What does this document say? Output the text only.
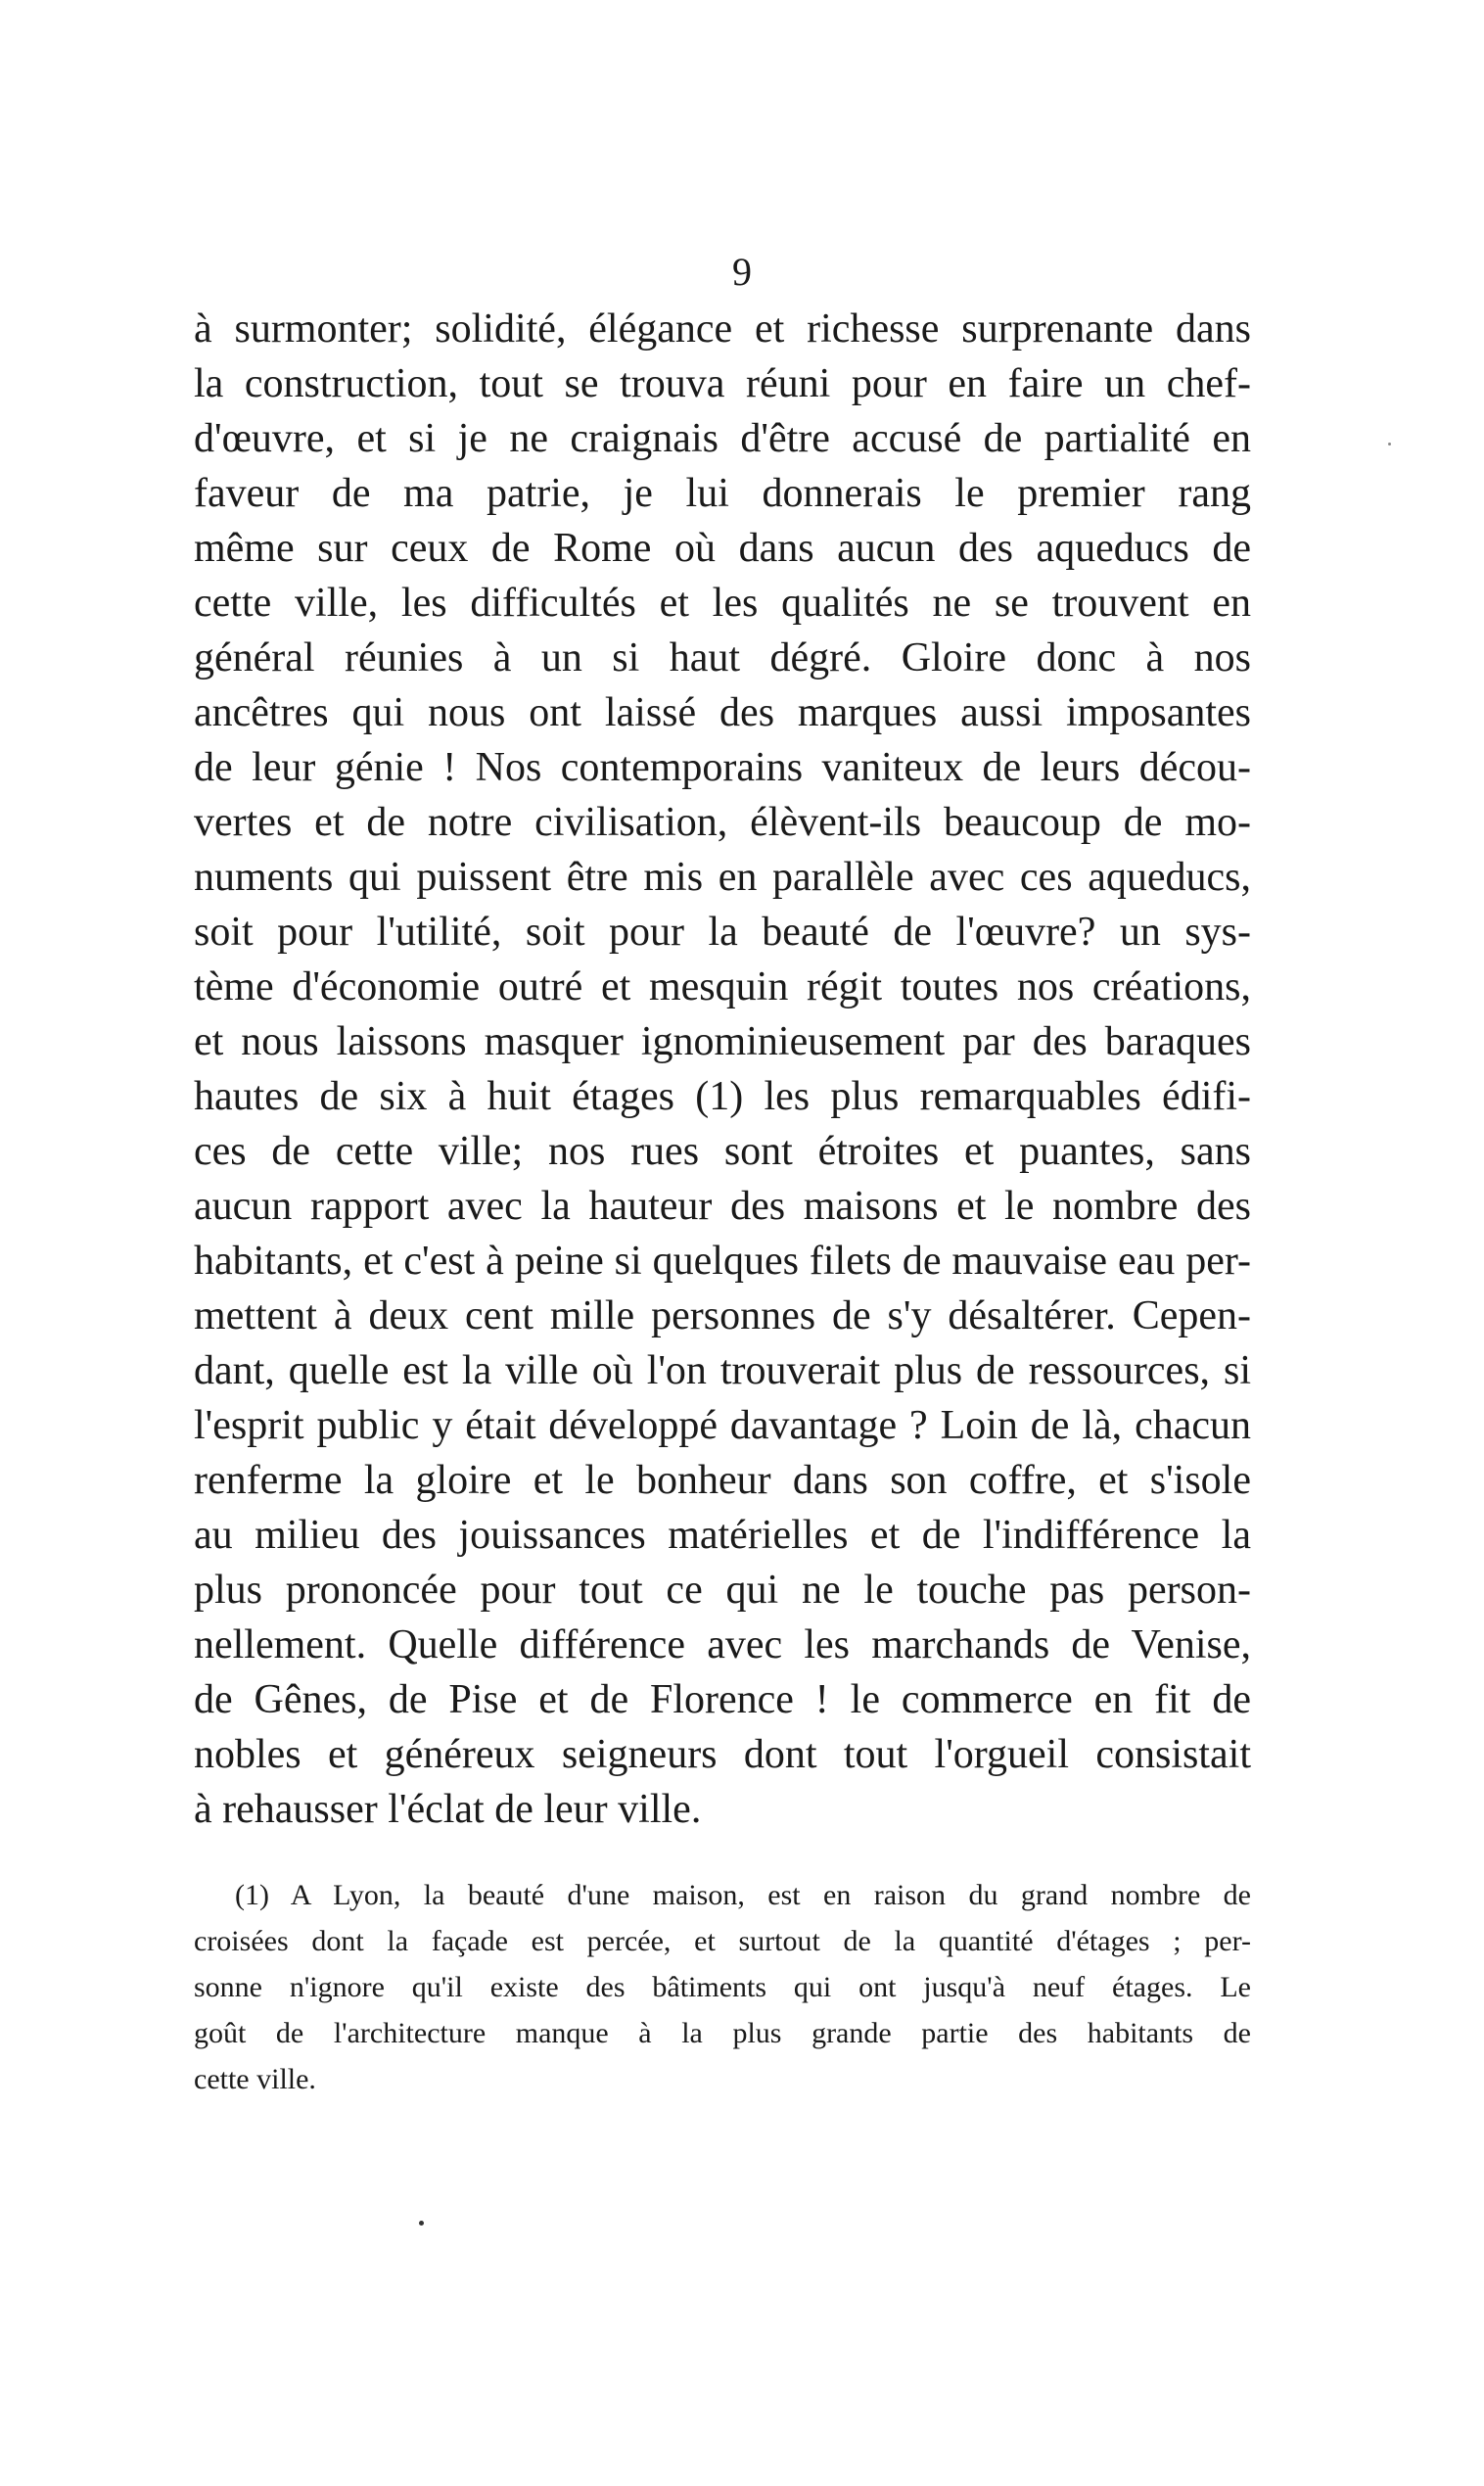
9
à surmonter; solidité, élégance et richesse surprenante dans
la construction, tout se trouva réuni pour en faire un chef-
d'œuvre, et si je ne craignais d'être accusé de partialité en
faveur de ma patrie, je lui donnerais le premier rang
même sur ceux de Rome où dans aucun des aqueducs de
cette ville, les difficultés et les qualités ne se trouvent en
général réunies à un si haut dégré. Gloire donc à nos
ancêtres qui nous ont laissé des marques aussi imposantes
de leur génie ! Nos contemporains vaniteux de leurs décou-
vertes et de notre civilisation, élèvent-ils beaucoup de mo-
numents qui puissent être mis en parallèle avec ces aqueducs,
soit pour l'utilité, soit pour la beauté de l'œuvre? un sys-
tème d'économie outré et mesquin régit toutes nos créations,
et nous laissons masquer ignominieusement par des baraques
hautes de six à huit étages (1) les plus remarquables édifi-
ces de cette ville; nos rues sont étroites et puantes, sans
aucun rapport avec la hauteur des maisons et le nombre des
habitants, et c'est à peine si quelques filets de mauvaise eau per-
mettent à deux cent mille personnes de s'y désaltérer. Cepen-
dant, quelle est la ville où l'on trouverait plus de ressources, si
l'esprit public y était développé davantage ? Loin de là, chacun
renferme la gloire et le bonheur dans son coffre, et s'isole
au milieu des jouissances matérielles et de l'indifférence la
plus prononcée pour tout ce qui ne le touche pas person-
nellement. Quelle différence avec les marchands de Venise,
de Gênes, de Pise et de Florence ! le commerce en fit de
nobles et généreux seigneurs dont tout l'orgueil consistait
à rehausser l'éclat de leur ville.
(1) A Lyon, la beauté d'une maison, est en raison du grand nombre de
croisées dont la façade est percée, et surtout de la quantité d'étages ; per-
sonne n'ignore qu'il existe des bâtiments qui ont jusqu'à neuf étages. Le
goût de l'architecture manque à la plus grande partie des habitants de
cette ville.
